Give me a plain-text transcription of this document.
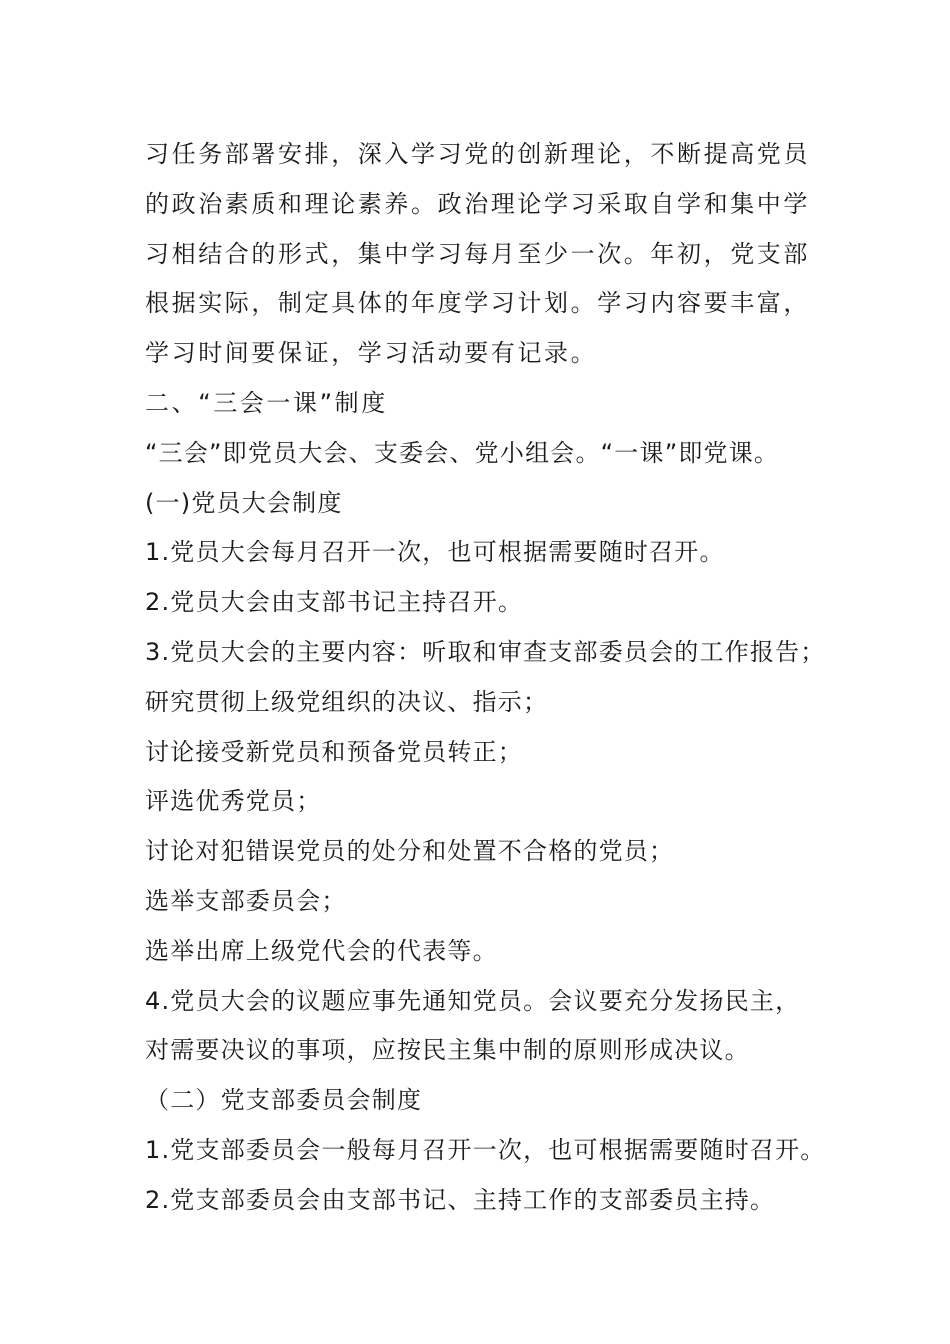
习任务部署安排，深入学习党的创新理论，不断提高党员
的政治素质和理论素养。政治理论学习采取自学和集中学
习相结合的形式，集中学习每月至少一次。年初，党支部
根据实际，制定具体的年度学习计划。学习内容要丰富，
学习时间要保证，学习活动要有记录。
二、“三会一课”制度
“三会”即党员大会、支委会、党小组会。“一课”即党课。
(一)党员大会制度
1.党员大会每月召开一次，也可根据需要随时召开。
2.党员大会由支部书记主持召开。
3.党员大会的主要内容：听取和审查支部委员会的工作报告；
研究贯彻上级党组织的决议、指示；
讨论接受新党员和预备党员转正；
评选优秀党员；
讨论对犯错误党员的处分和处置不合格的党员；
选举支部委员会；
选举出席上级党代会的代表等。
4.党员大会的议题应事先通知党员。会议要充分发扬民主，
对需要决议的事项，应按民主集中制的原则形成决议。
（二）党支部委员会制度
1.党支部委员会一般每月召开一次，也可根据需要随时召开。
2.党支部委员会由支部书记、主持工作的支部委员主持。
